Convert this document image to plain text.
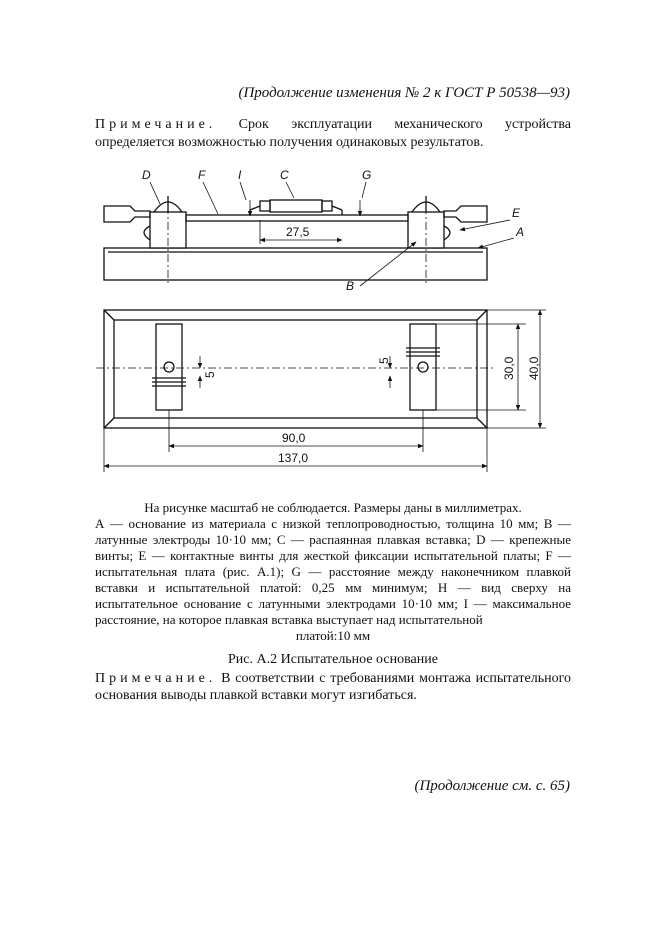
(Продолжение изменения № 2 к ГОСТ Р 50538—93)
Примечание. Срок эксплуатации механического устройства определяется возможностью получения одинаковых результатов.
D	F	I	C	G
E
A
B
27,5
5
5	30,0 40,0
90,0
137,0
На рисунке масштаб не соблюдается. Размеры даны в миллиметрах.
А — основание из материала с низкой теплопроводностью, толщина 10 мм; В — латунные электроды 10·10 мм; С — распаянная плавкая вставка; D — крепежные винты; Е — контактные винты для жесткой фиксации испытательной платы; F — испытательная плата (рис. А.1); G — расстояние между наконечником плавкой вставки и испытательной платой: 0,25 мм минимум; Н — вид сверху на испытательное основание с латунными электродами 10·10 мм; I — максимальное расстояние, на которое плавкая вставка выступает над испытательной
платой:10 мм
Рис. А.2 Испытательное основание
Примечание. В соответствии с требованиями монтажа испытательного основания выводы плавкой вставки могут изгибаться.
(Продолжение см. с. 65)
